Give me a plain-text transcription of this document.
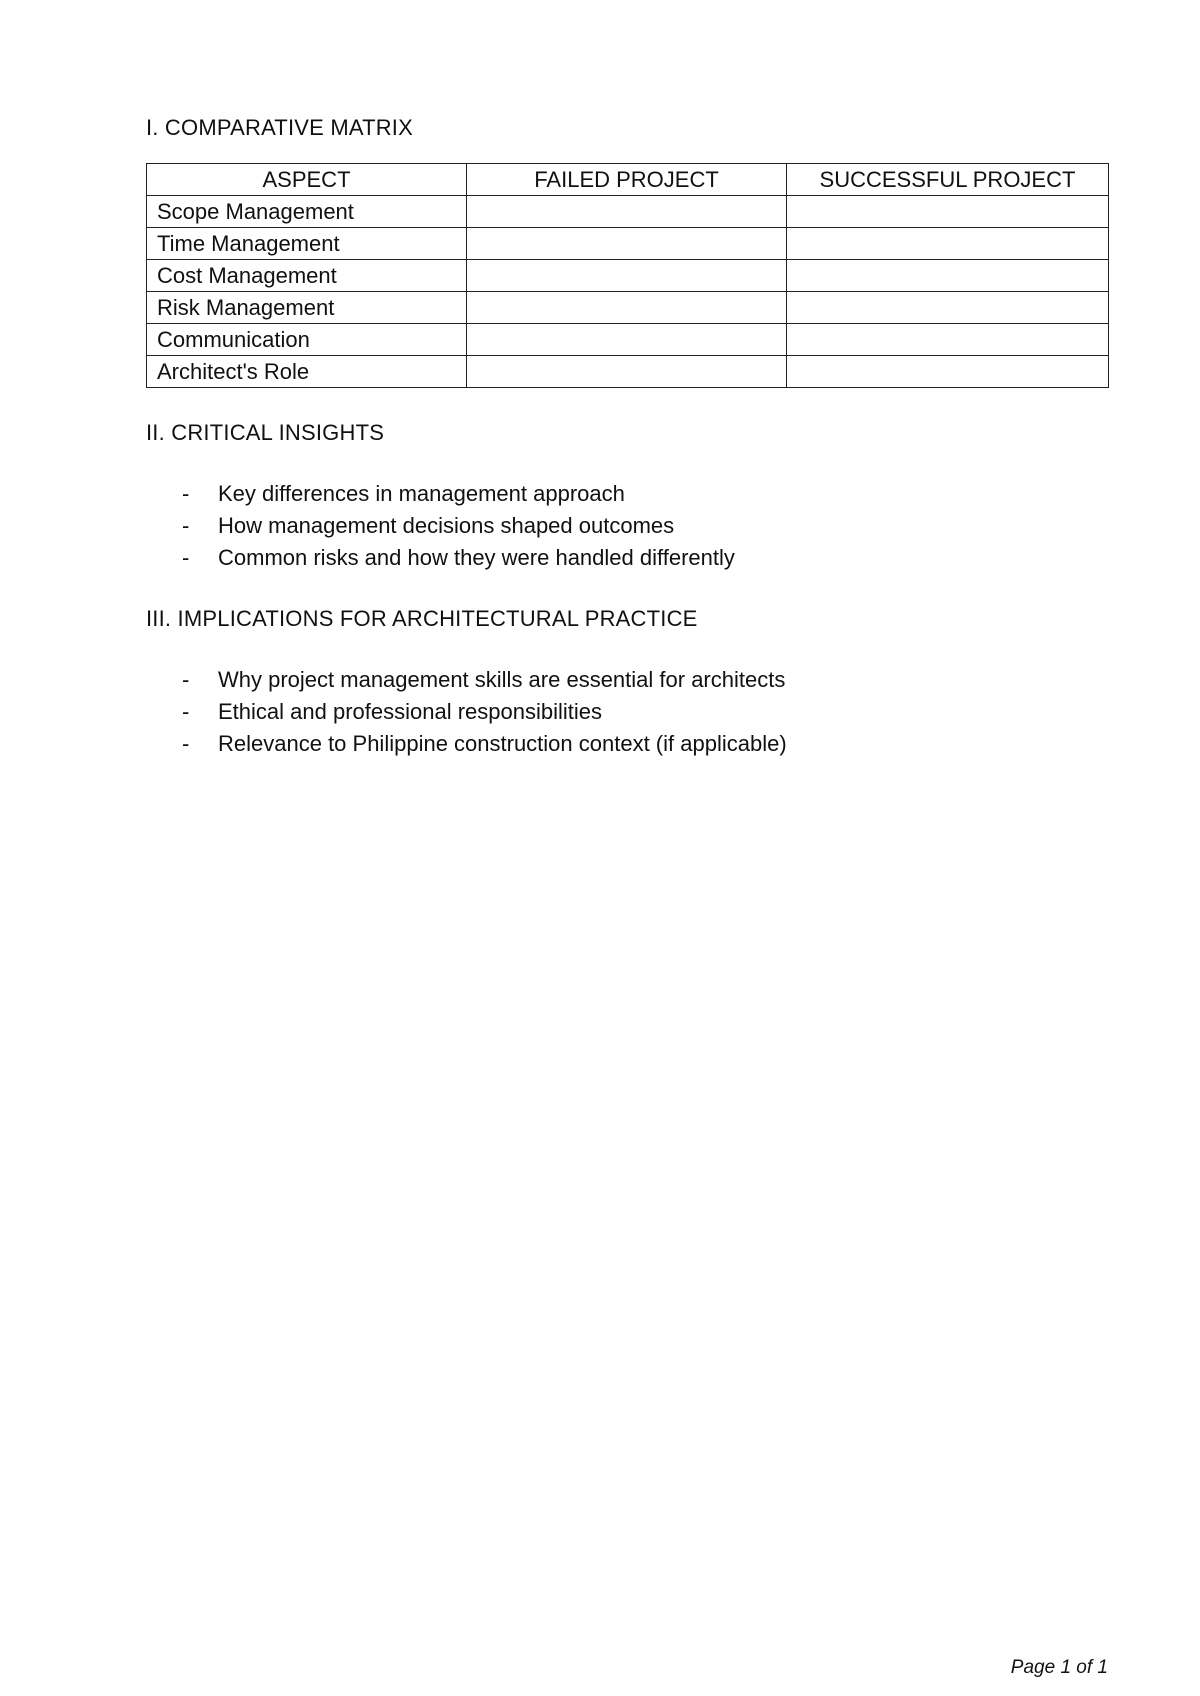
I. COMPARATIVE MATRIX
ASPECT	FAILED PROJECT	SUCCESSFUL PROJECT
Scope Management		
Time Management		
Cost Management		
Risk Management		
Communication		
Architect's Role		
II. CRITICAL INSIGHTS
- Key differences in management approach
- How management decisions shaped outcomes
- Common risks and how they were handled differently
III. IMPLICATIONS FOR ARCHITECTURAL PRACTICE
- Why project management skills are essential for architects
- Ethical and professional responsibilities
- Relevance to Philippine construction context (if applicable)
Page 1 of 1
